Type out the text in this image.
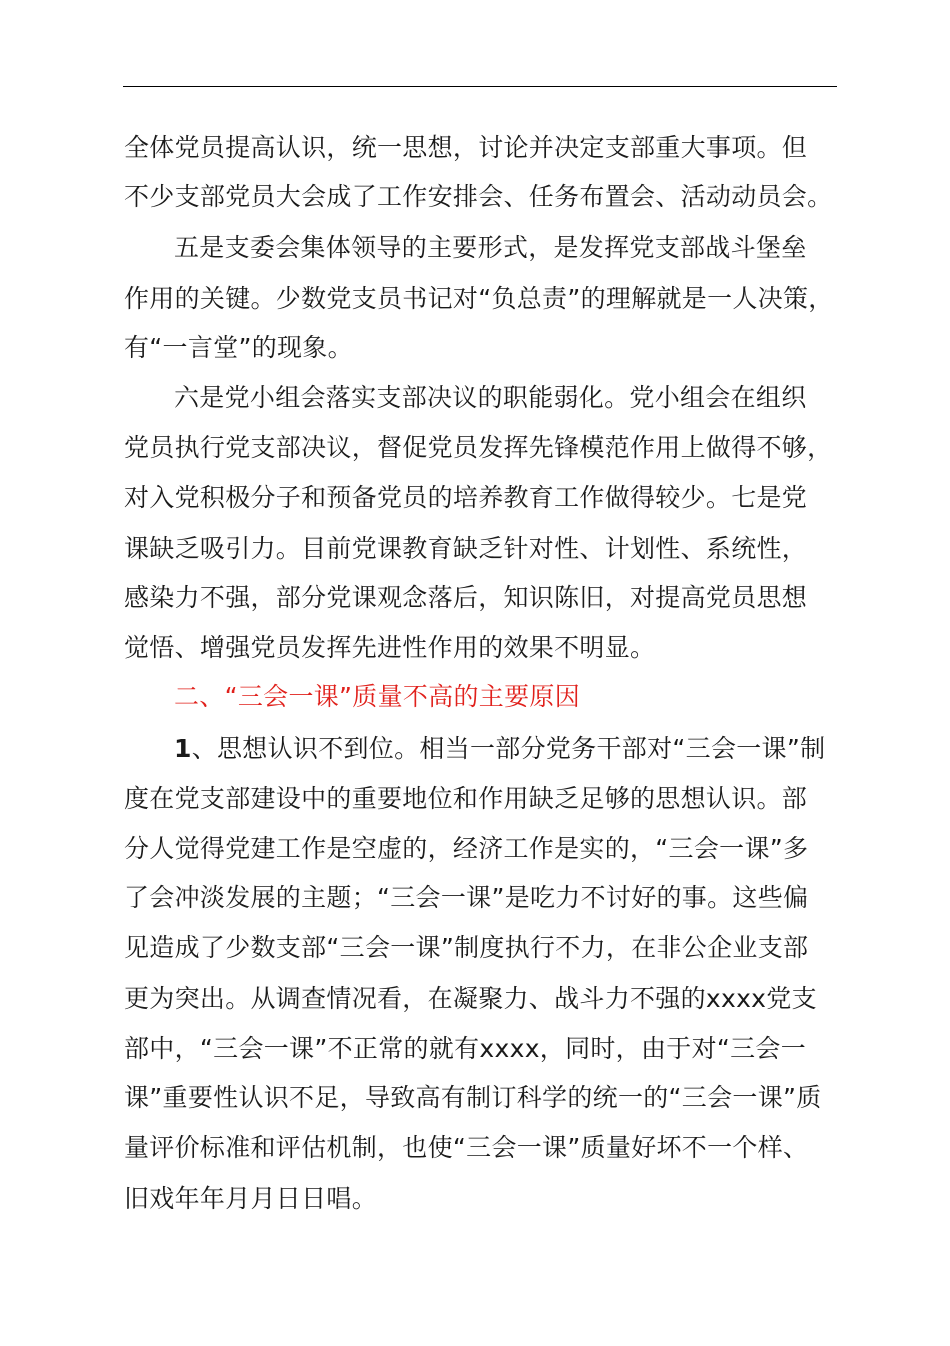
全体党员提高认识，统一思想，讨论并决定支部重大事项。但
不少支部党员大会成了工作安排会、任务布置会、活动动员会。
五是支委会集体领导的主要形式，是发挥党支部战斗堡垒
作用的关键。少数党支员书记对“负总责”的理解就是一人决策，
有“一言堂”的现象。
六是党小组会落实支部决议的职能弱化。党小组会在组织
党员执行党支部决议，督促党员发挥先锋模范作用上做得不够，
对入党积极分子和预备党员的培养教育工作做得较少。七是党
课缺乏吸引力。目前党课教育缺乏针对性、计划性、系统性，
感染力不强，部分党课观念落后，知识陈旧，对提高党员思想
觉悟、增强党员发挥先进性作用的效果不明显。
二、“三会一课”质量不高的主要原因
1、思想认识不到位。相当一部分党务干部对“三会一课”制
度在党支部建设中的重要地位和作用缺乏足够的思想认识。部
分人觉得党建工作是空虚的，经济工作是实的，“三会一课”多
了会冲淡发展的主题；“三会一课”是吃力不讨好的事。这些偏
见造成了少数支部“三会一课”制度执行不力，在非公企业支部
更为突出。从调查情况看，在凝聚力、战斗力不强的xxxx党支
部中，“三会一课”不正常的就有xxxx，同时，由于对“三会一
课”重要性认识不足，导致高有制订科学的统一的“三会一课”质
量评价标准和评估机制，也使“三会一课”质量好坏不一个样、
旧戏年年月月日日唱。
